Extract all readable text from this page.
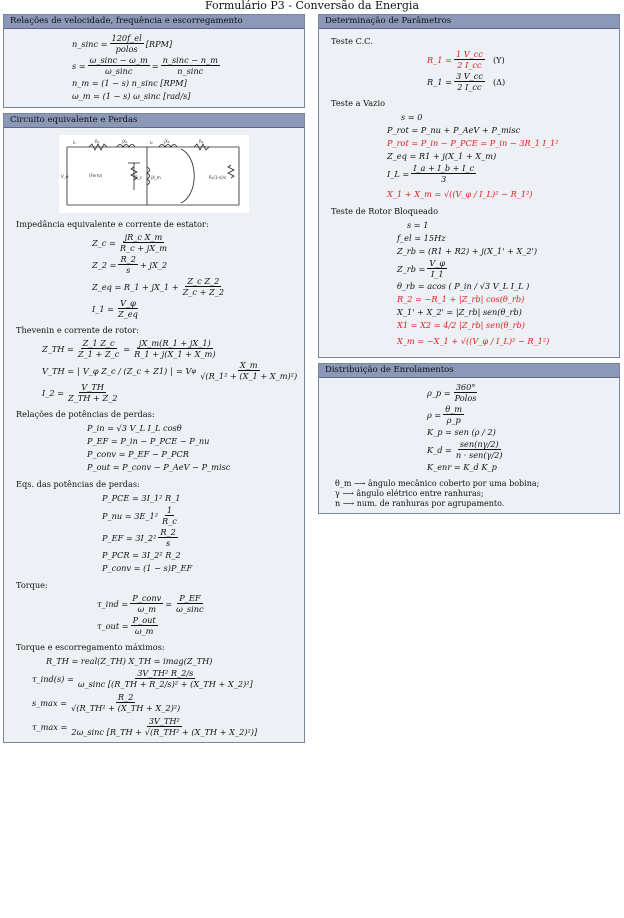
Formulário P3 - Conversão da Energia
Relações de velocidade, frequência e escorregamento
n_sinc = $\frac{120f\_el}{\text{polos}} [RPM]$
$s = \frac{\omega\_\sin c - \omega\_m}{\omega\_\sin c} = \frac{n\_\sin c - n\_m}{n\_\sin c}$
n_m = (1 − s) n_sinc [RPM]
ω_m = (1 − s) ω_sinc [rad/s]
Circuito equivalente e Perdas
I₁	R₁	jX₁	I₂	jX₂	R₂
V_φ	(Ferro)	R_c jX_m	R₂(1-s)/s
Impedância equivalente e corrente de estator:
Z_c = $\frac{\text{jR\_c X\_m}}{R\_c + jX\_m}$
Z_2 = $\frac{R\_2}{s}$ + jX_2
Z_eq = R_1 + jX_1 + $\frac{\text{Z\_c Z\_2}}{Z\_c + Z\_2}$
I_1 = $\frac{V\_\varphi}{Z\_eq}$
Thevenin e corrente de rotor:
Z_TH = $\frac{Z\_1 Z\_c}{Z\_1 + Z\_c} = \frac{jX\_m(R\_1 + jX\_1)}{R\_1 + j(X\_1 + X\_m)}$
V_TH = | V_φ Z_c / (Z_c + Z1) | = V φ $\frac{X\_m}{\text{√(R\_1² + (X\_1 + X\_m)²)}}$
I_2 = $\frac{V\_TH}{Z\_TH + Z\_2}$
Relações de potências de perdas:
P_in = √3 V_L I_L cosθ
P_EF = P_in − P_PCE − P_nu
P_conv = P_EF − P_PCR
P_out = P_conv − P_AeV − P_misc
Eqs. das potências de perdas:
P_PCE = 3I_1² R_1
P_nu = 3E_1² $\frac{1}{R\_c}$
P_EF = 3I_2² $\frac{R\_2}{s}$
P_PCR = 3I_2² R_2
P_conv = (1 − s)P_EF
Torque:
τ_ind = $\frac{\text{P\_conv}}{\omega\_m} = \frac{P\_EF}{\omega\_\sin c}$
τ_out = $\frac{\text{P\_out}}{\omega\_m}$
Torque e escorregamento máximos:
R_TH = real(Z_TH) X_TH = imag(Z_TH)
τ_ind(s) = $\frac{\text{3V\_TH² R\_2/s}}{\text{ω\_sinc [(R\_TH + R\_2/s)² + (X\_TH + X\_2)²]}}$
s_max = $\frac{R\_2}{\text{√(R\_TH² + (X\_TH + X\_2)²)}}$
τ_max = $\frac{\text{3V\_TH²}}{\text{2ω\_sinc [R\_TH + √(R\_TH² + (X\_TH + X\_2)²)]}}$
Determinação de Parâmetros
Teste C.C.
R_1 = $\frac{1 V\_cc}{2 I\_cc} (Y)$
R_1 = $\frac{3 V\_cc}{2 I\_cc} (\Delta)$
Teste a Vazio
s = 0
P_rot = P_nu + P_AeV + P_misc
P_rot = P_in − P_PCE = P_in − 3R_1 I_1²
Z_eq = R1 + j(X_1 + X_m)
I_L = $\frac{I\_a + I\_b + I\_c}{3}$
X_1 + X_m = √((V_φ / I_L)² − R_1²)
Teste de Rotor Bloqueado
s = 1
f_el = 15Hz
Z_rb = (R1 + R2) + j(X_1' + X_2')
Z_rb = $\frac{V\_\varphi}{I\_1}$
θ_rb = acos ( P_in / √3 V_L I_L )
R_2 = −R_1 + |Z_rb| cos(θ_rb)
X_1' + X_2' = |Z_rb| sen(θ_rb)
X1 = X2 = 4/2 |Z_rb| sen(θ_rb)
X_m = −X_1 + √((V_φ / I_L)² − R_1²)
Distribuição de Enrolamentos
ρ_p = $\frac{360^\circ}{\text{Polos}}$
$\rho = \frac{\theta\_m}{\rho\_p}$
K_p = sen (ρ / 2)
K_d = $\frac{\text{sen(nγ/2)}}{\text{n · sen(γ/2)}}$
K_enr = K_d K_p
θ_m ⟶ ângulo mecânico coberto por uma bobina;
γ ⟶ ângulo elétrico entre ranhuras;
n ⟶ num. de ranhuras por agrupamento.
